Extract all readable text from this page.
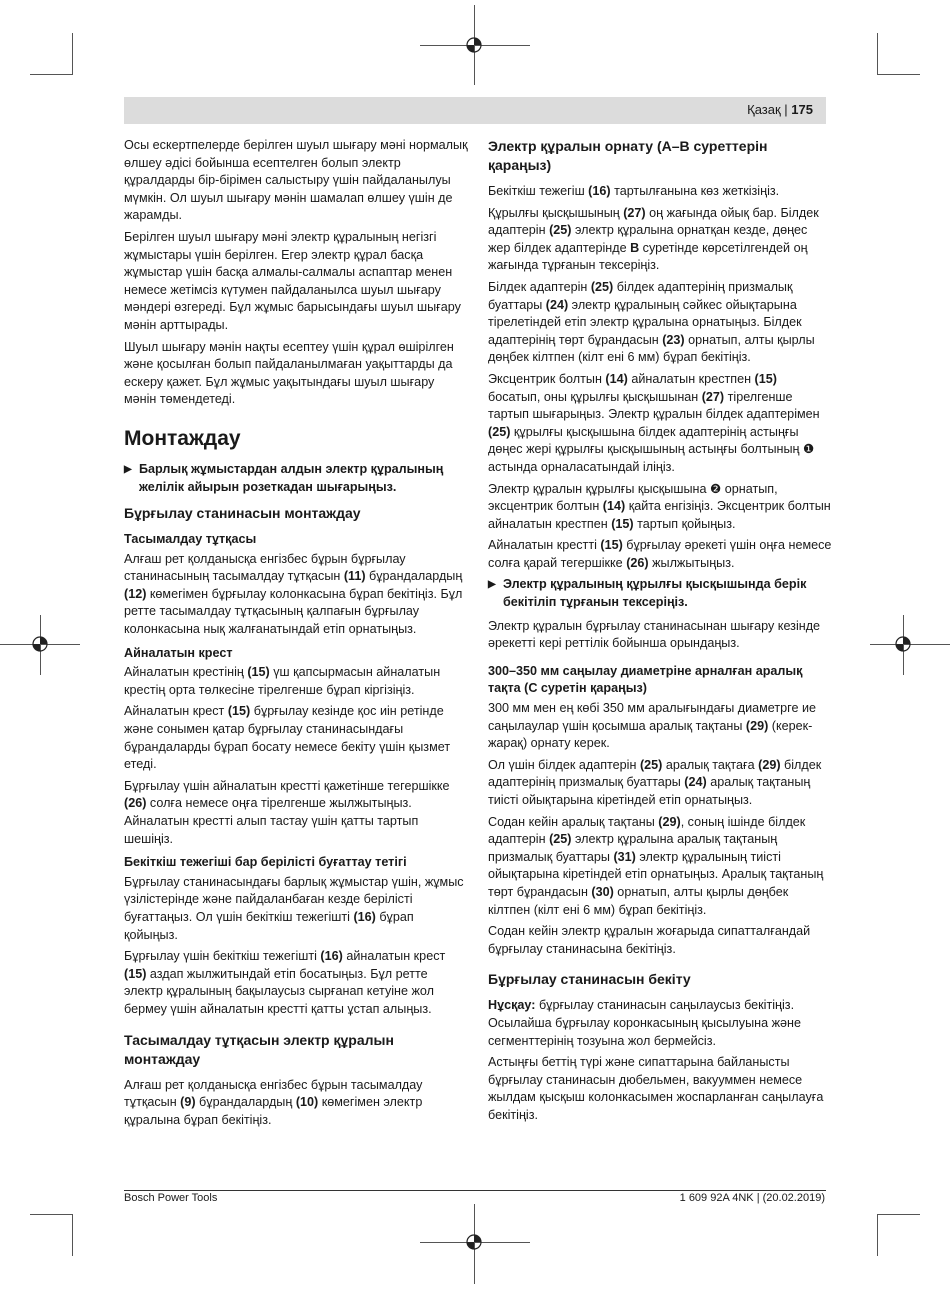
Қазақ | 175

Осы ескертпелерде берілген шуыл шығару мәні нормалық өлшеу әдісі бойынша есептелген болып электр құралдарды бір-бірімен салыстыру үшін пайдаланылуы мүмкін. Ол шуыл шығару мәнін шамалап өлшеу үшін де жарамды.

Берілген шуыл шығару мәні электр құралының негізгі жұмыстары үшін берілген. Егер электр құрал басқа жұмыстар үшін басқа алмалы-салмалы аспаптар менен немесе жетімсіз күтумен пайдаланылса шуыл шығару мәндері өзгереді. Бұл жұмыс барысындағы шуыл шығару мәнін арттырады.

Шуыл шығару мәнін нақты есептеу үшін құрал өшірілген және қосылған болып пайдаланылмаған уақыттарды да ескеру қажет. Бұл жұмыс уақытындағы шуыл шығару мәнін төмендетеді.

Монтаждау
▶ Барлық жұмыстардан алдын электр құралының желілік айырын розеткадан шығарыңыз.
Бұрғылау станинасын монтаждау
Тасымалдау тұтқасы

Алғаш рет қолданысқа енгізбес бұрын бұрғылау станинасының тасымалдау тұтқасын (11) бұрандалардың (12) көмегімен бұрғылау колонкасына бұрап бекітіңіз. Бұл ретте тасымалдау тұтқасының қалпағын бұрғылау колонкасына нық жалғанатындай етіп орнатыңыз.

Айналатын крест

Айналатын крестінің (15) үш қапсырмасын айналатын крестің орта төлкесіне тірелгенше бұрап кіргізіңіз.

Айналатын крест (15) бұрғылау кезінде қос иін ретінде және сонымен қатар бұрғылау станинасындағы бұрандаларды бұрап босату немесе бекіту үшін қызмет етеді.

Бұрғылау үшін айналатын крестті қажетінше тегершікке (26) солға немесе оңға тірелгенше жылжытыңыз. Айналатын крестті алып тастау үшін қатты тартып шешіңіз.

Бекіткіш тежегіші бар берілісті буғаттау тетігі

Бұрғылау станинасындағы барлық жұмыстар үшін, жұмыс үзілістерінде және пайдаланбаған кезде берілісті буғаттаңыз. Ол үшін бекіткіш тежегішті (16) бұрап қойыңыз.

Бұрғылау үшін бекіткіш тежегішті (16) айналатын крест (15) аздап жылжитындай етіп босатыңыз. Бұл ретте электр құралының бақылаусыз сырғанап кетуіне жол бермеу үшін айналатын крестті қатты ұстап алыңыз.

Тасымалдау тұтқасын электр құралын монтаждау

Алғаш рет қолданысқа енгізбес бұрын тасымалдау тұтқасын (9) бұрандалардың (10) көмегімен электр құралына бұрап бекітіңіз.

Электр құралын орнату (А–В суреттерін қараңыз)

Бекіткіш тежегіш (16) тартылғанына көз жеткізіңіз.

Құрылғы қысқышының (27) оң жағында ойық бар. Білдек адаптерін (25) электр құралына орнатқан кезде, дөңес жер білдек адаптерінде B суретінде көрсетілгендей оң жағында тұрғанын тексеріңіз.

Білдек адаптерін (25) білдек адаптерінің призмалық буаттары (24) электр құралының сәйкес ойықтарына тірелетіндей етіп электр құралына орнатыңыз. Білдек адаптерінің төрт бұрандасын (23) орнатып, алты қырлы дөңбек кілтпен (кілт ені 6 мм) бұрап бекітіңіз.

Эксцентрик болтын (14) айналатын крестпен (15) босатып, оны құрылғы қысқышынан (27) тірелгенше тартып шығарыңыз. Электр құралын білдек адаптерімен (25) құрылғы қысқышына білдек адаптерінің астыңғы дөңес жері құрылғы қысқышының астыңғы болтының ❶ астында орналасатындай іліңіз.

Электр құралын құрылғы қысқышына ❷ орнатып, эксцентрик болтын (14) қайта енгізіңіз. Эксцентрик болтын айналатын крестпен (15) тартып қойыңыз.

Айналатын крестті (15) бұрғылау әрекеті үшін оңға немесе солға қарай тегершікке (26) жылжытыңыз.

▶ Электр құралының құрылғы қысқышында берік бекітіліп тұрғанын тексеріңіз.

Электр құралын бұрғылау станинасынан шығару кезінде әрекетті кері реттілік бойынша орындаңыз.

300–350 мм саңылау диаметріне арналған аралық тақта (С суретін қараңыз)

300 мм мен ең көбі 350 мм аралығындағы диаметрге ие саңылаулар үшін қосымша аралық тақтаны (29) (керек-жарақ) орнату керек.

Ол үшін білдек адаптерін (25) аралық тақтаға (29) білдек адаптерінің призмалық буаттары (24) аралық тақтаның тиісті ойықтарына кіретіндей етіп орнатыңыз.

Содан кейін аралық тақтаны (29), соның ішінде білдек адаптерін (25) электр құралына аралық тақтаның призмалық буаттары (31) электр құралының тиісті ойықтарына кіретіндей етіп орнатыңыз. Аралық тақтаның төрт бұрандасын (30) орнатып, алты қырлы дөңбек кілтпен (кілт ені 6 мм) бұрап бекітіңіз.

Содан кейін электр құралын жоғарыда сипатталғандай бұрғылау станинасына бекітіңіз.

Бұрғылау станинасын бекіту

Нұсқау: бұрғылау станинасын саңылаусыз бекітіңіз. Осылайша бұрғылау коронкасының қысылуына және сегменттерінің тозуына жол бермейсіз.

Астыңғы беттің түрі және сипаттарына байланысты бұрғылау станинасын дюбельмен, вакууммен немесе жылдам қысқыш колонкасымен жоспарланған саңылауға бекітіңіз.

Bosch Power Tools	1 609 92A 4NK | (20.02.2019)
